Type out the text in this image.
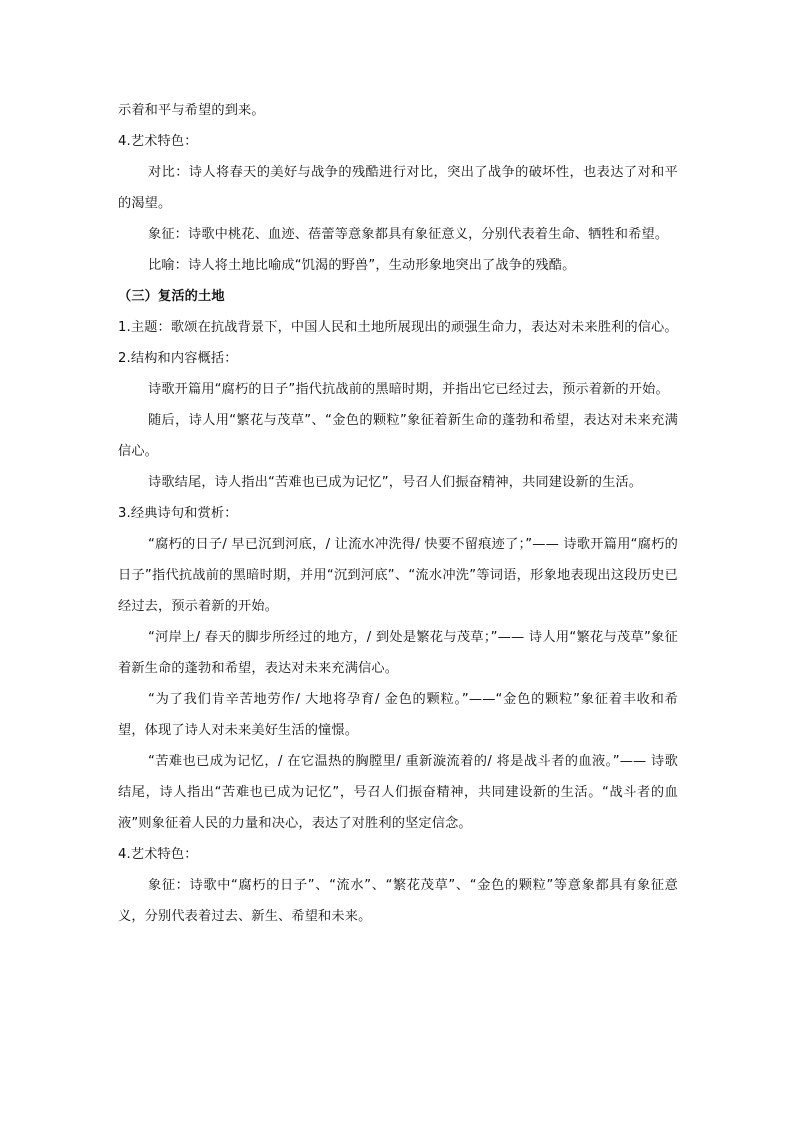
示着和平与希望的到来。

4.艺术特色：

对比：诗人将春天的美好与战争的残酷进行对比，突出了战争的破坏性，也表达了对和平的渴望。

象征：诗歌中桃花、血迹、蓓蕾等意象都具有象征意义，分别代表着生命、牺牲和希望。

比喻：诗人将土地比喻成“饥渴的野兽”，生动形象地突出了战争的残酷。

（三）复活的土地

1.主题：歌颂在抗战背景下，中国人民和土地所展现出的顽强生命力，表达对未来胜利的信心。

2.结构和内容概括：

诗歌开篇用“腐朽的日子”指代抗战前的黑暗时期，并指出它已经过去，预示着新的开始。

随后，诗人用“繁花与茂草”、“金色的颗粒”象征着新生命的蓬勃和希望，表达对未来充满信心。

诗歌结尾，诗人指出“苦难也已成为记忆”，号召人们振奋精神，共同建设新的生活。

3.经典诗句和赏析：

“腐朽的日子/ 早已沉到河底，/ 让流水冲洗得/ 快要不留痕迹了；”—— 诗歌开篇用“腐朽的日子”指代抗战前的黑暗时期，并用“沉到河底”、“流水冲洗”等词语，形象地表现出这段历史已经过去，预示着新的开始。

“河岸上/ 春天的脚步所经过的地方，/ 到处是繁花与茂草；”—— 诗人用“繁花与茂草”象征着新生命的蓬勃和希望，表达对未来充满信心。

“为了我们肯辛苦地劳作/ 大地将孕育/ 金色的颗粒。”——“金色的颗粒”象征着丰收和希望，体现了诗人对未来美好生活的憧憬。

“苦难也已成为记忆，/ 在它温热的胸膛里/ 重新漩流着的/ 将是战斗者的血液。”—— 诗歌结尾，诗人指出“苦难也已成为记忆”，号召人们振奋精神，共同建设新的生活。“战斗者的血液”则象征着人民的力量和决心，表达了对胜利的坚定信念。

4.艺术特色：

象征：诗歌中“腐朽的日子”、“流水”、“繁花茂草”、“金色的颗粒”等意象都具有象征意义，分别代表着过去、新生、希望和未来。
